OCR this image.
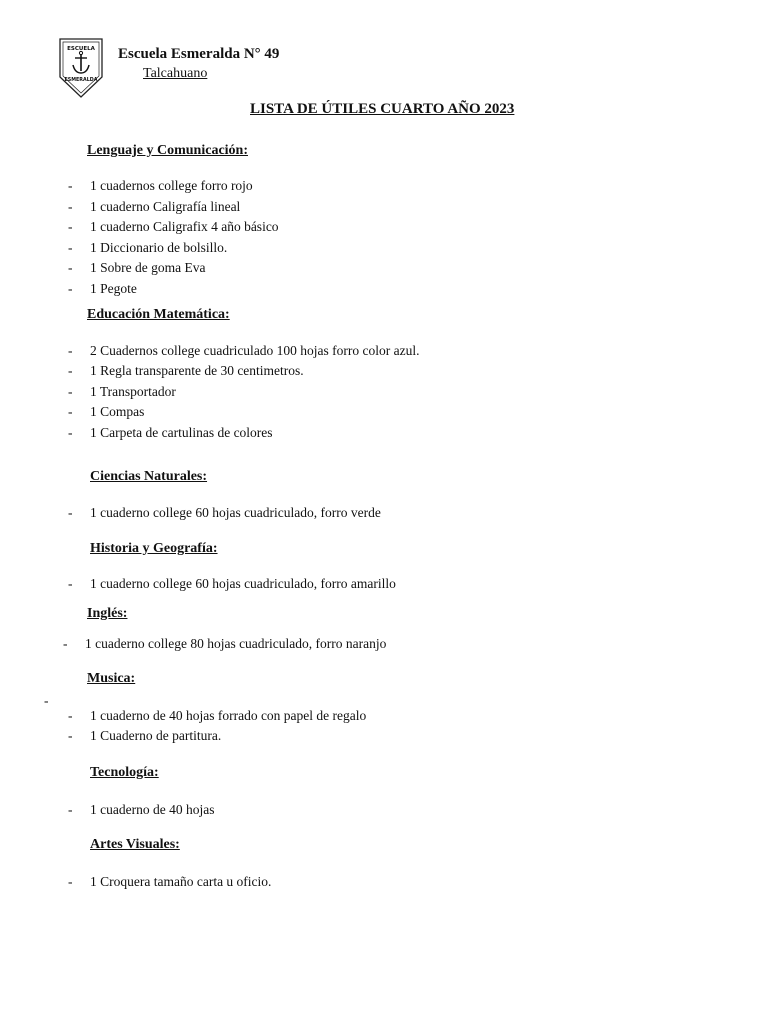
ESCUELA
ESMERALDA
Escuela Esmeralda N° 49
Talcahuano
LISTA DE ÚTILES CUARTO AÑO 2023
Lenguaje y Comunicación:
- 1 cuadernos college forro rojo
- 1 cuaderno Caligrafía lineal
- 1 cuaderno Caligrafix 4 año básico
- 1 Diccionario de bolsillo.
- 1 Sobre de goma Eva
- 1 Pegote
Educación Matemática:
- 2 Cuadernos college cuadriculado 100 hojas forro color azul.
- 1 Regla transparente de 30 centimetros.
- 1 Transportador
- 1 Compas
- 1 Carpeta de cartulinas de colores
Ciencias Naturales:
- 1 cuaderno college 60 hojas cuadriculado, forro verde
Historia y Geografía:
- 1 cuaderno college 60 hojas cuadriculado, forro amarillo
Inglés:
- 1 cuaderno college 80 hojas cuadriculado, forro naranjo
Musica:
-
- 1 cuaderno de 40 hojas forrado con papel de regalo
- 1 Cuaderno de partitura.
Tecnología:
- 1 cuaderno de 40 hojas
Artes Visuales:
- 1 Croquera tamaño carta u oficio.
